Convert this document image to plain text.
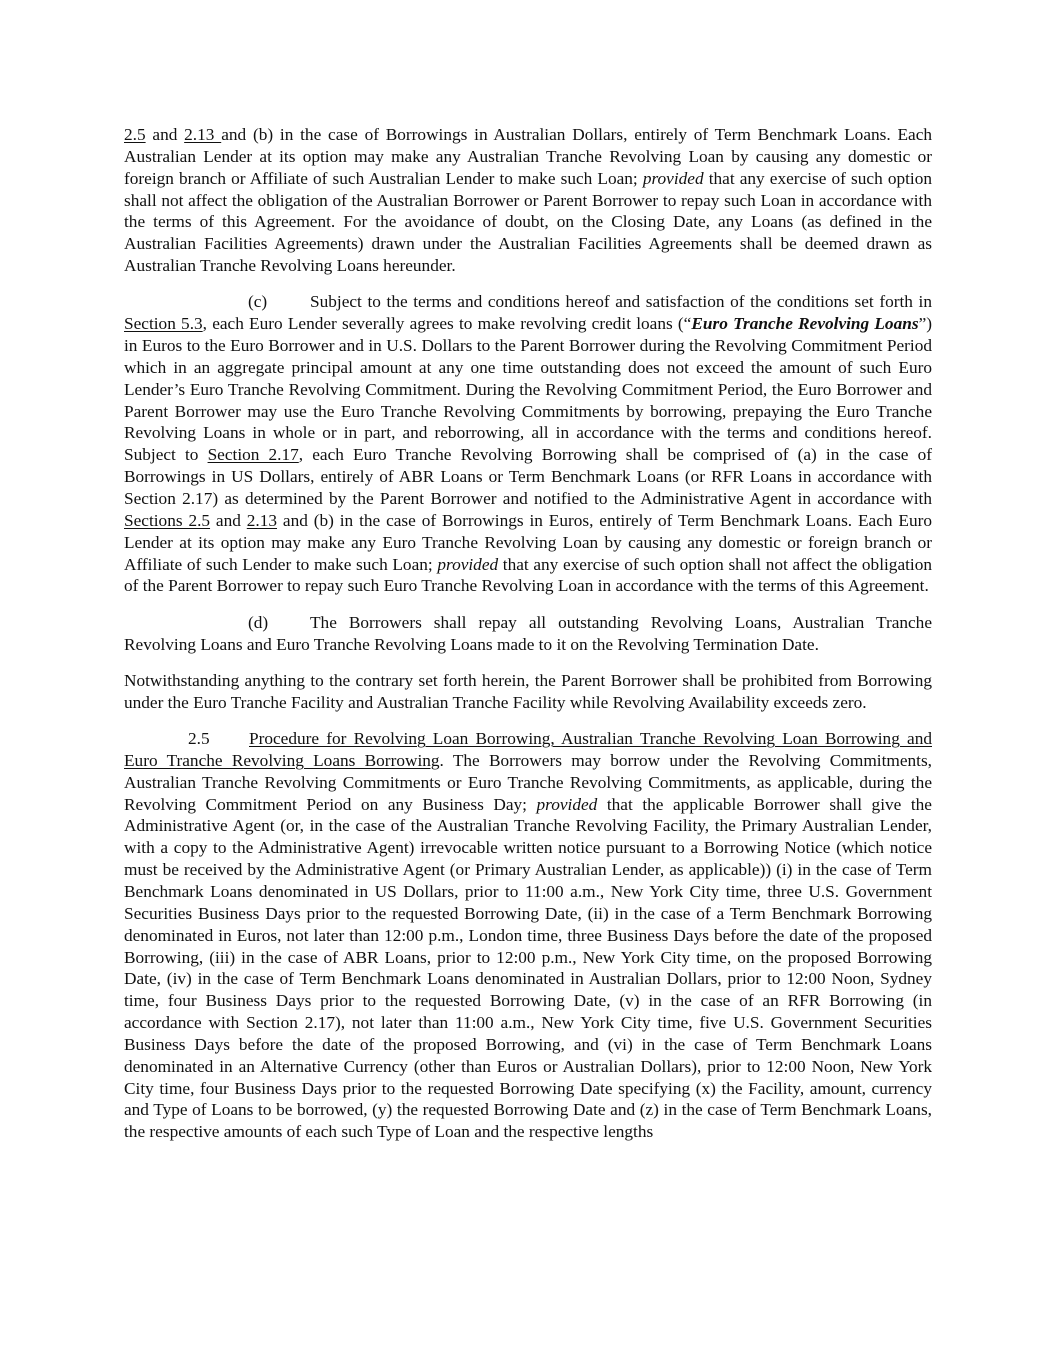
2.5 and 2.13 and (b) in the case of Borrowings in Australian Dollars, entirely of Term Benchmark Loans. Each Australian Lender at its option may make any Australian Tranche Revolving Loan by causing any domestic or foreign branch or Affiliate of such Australian Lender to make such Loan; provided that any exercise of such option shall not affect the obligation of the Australian Borrower or Parent Borrower to repay such Loan in accordance with the terms of this Agreement. For the avoidance of doubt, on the Closing Date, any Loans (as defined in the Australian Facilities Agreements) drawn under the Australian Facilities Agreements shall be deemed drawn as Australian Tranche Revolving Loans hereunder.

(c) Subject to the terms and conditions hereof and satisfaction of the conditions set forth in Section 5.3, each Euro Lender severally agrees to make revolving credit loans (“Euro Tranche Revolving Loans”) in Euros to the Euro Borrower and in U.S. Dollars to the Parent Borrower during the Revolving Commitment Period which in an aggregate principal amount at any one time outstanding does not exceed the amount of such Euro Lender’s Euro Tranche Revolving Commitment. During the Revolving Commitment Period, the Euro Borrower and Parent Borrower may use the Euro Tranche Revolving Commitments by borrowing, prepaying the Euro Tranche Revolving Loans in whole or in part, and reborrowing, all in accordance with the terms and conditions hereof. Subject to Section 2.17, each Euro Tranche Revolving Borrowing shall be comprised of (a) in the case of Borrowings in US Dollars, entirely of ABR Loans or Term Benchmark Loans (or RFR Loans in accordance with Section 2.17) as determined by the Parent Borrower and notified to the Administrative Agent in accordance with Sections 2.5 and 2.13 and (b) in the case of Borrowings in Euros, entirely of Term Benchmark Loans. Each Euro Lender at its option may make any Euro Tranche Revolving Loan by causing any domestic or foreign branch or Affiliate of such Lender to make such Loan; provided that any exercise of such option shall not affect the obligation of the Parent Borrower to repay such Euro Tranche Revolving Loan in accordance with the terms of this Agreement.

(d) The Borrowers shall repay all outstanding Revolving Loans, Australian Tranche Revolving Loans and Euro Tranche Revolving Loans made to it on the Revolving Termination Date.

Notwithstanding anything to the contrary set forth herein, the Parent Borrower shall be prohibited from Borrowing under the Euro Tranche Facility and Australian Tranche Facility while Revolving Availability exceeds zero.

2.5 Procedure for Revolving Loan Borrowing, Australian Tranche Revolving Loan Borrowing and Euro Tranche Revolving Loans Borrowing. The Borrowers may borrow under the Revolving Commitments, Australian Tranche Revolving Commitments or Euro Tranche Revolving Commitments, as applicable, during the Revolving Commitment Period on any Business Day; provided that the applicable Borrower shall give the Administrative Agent (or, in the case of the Australian Tranche Revolving Facility, the Primary Australian Lender, with a copy to the Administrative Agent) irrevocable written notice pursuant to a Borrowing Notice (which notice must be received by the Administrative Agent (or Primary Australian Lender, as applicable)) (i) in the case of Term Benchmark Loans denominated in US Dollars, prior to 11:00 a.m., New York City time, three U.S. Government Securities Business Days prior to the requested Borrowing Date, (ii) in the case of a Term Benchmark Borrowing denominated in Euros, not later than 12:00 p.m., London time, three Business Days before the date of the proposed Borrowing, (iii) in the case of ABR Loans, prior to 12:00 p.m., New York City time, on the proposed Borrowing Date, (iv) in the case of Term Benchmark Loans denominated in Australian Dollars, prior to 12:00 Noon, Sydney time, four Business Days prior to the requested Borrowing Date, (v) in the case of an RFR Borrowing (in accordance with Section 2.17), not later than 11:00 a.m., New York City time, five U.S. Government Securities Business Days before the date of the proposed Borrowing, and (vi) in the case of Term Benchmark Loans denominated in an Alternative Currency (other than Euros or Australian Dollars), prior to 12:00 Noon, New York City time, four Business Days prior to the requested Borrowing Date specifying (x) the Facility, amount, currency and Type of Loans to be borrowed, (y) the requested Borrowing Date and (z) in the case of Term Benchmark Loans, the respective amounts of each such Type of Loan and the respective lengths
